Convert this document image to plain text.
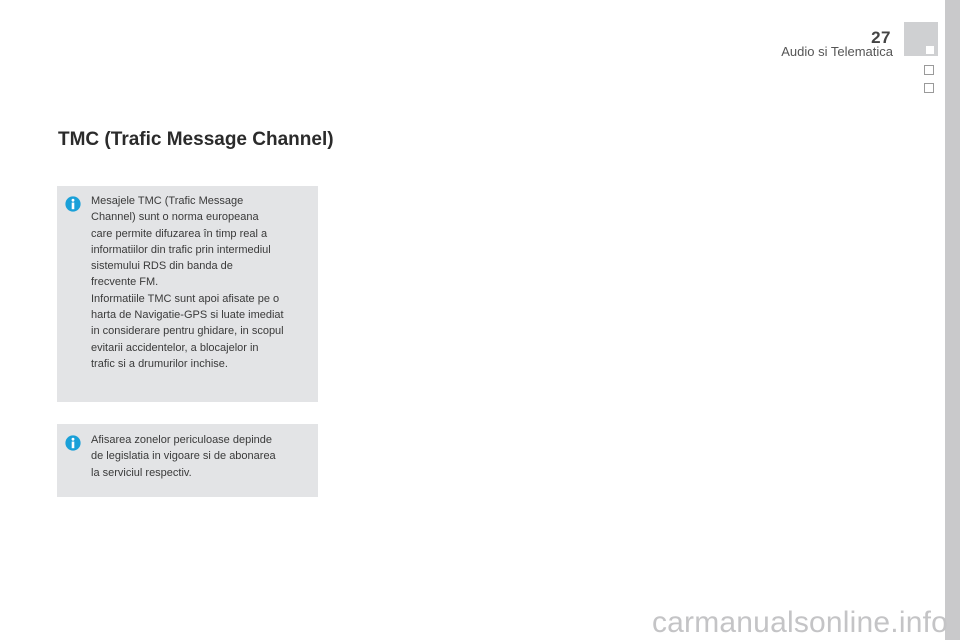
27
Audio si Telematica
TMC (Trafic Message Channel)
Mesajele TMC (Trafic Message
Channel) sunt o norma europeana
care permite difuzarea în timp real a
informatiilor din trafic prin intermediul
sistemului RDS din banda de
frecvente FM.
Informatiile TMC sunt apoi afisate pe o
harta de Navigatie-GPS si luate imediat
in considerare pentru ghidare, in scopul
evitarii accidentelor, a blocajelor in
trafic si a drumurilor inchise.
Afisarea zonelor periculoase depinde
de legislatia in vigoare si de abonarea
la serviciul respectiv.
carmanualsonline.info
